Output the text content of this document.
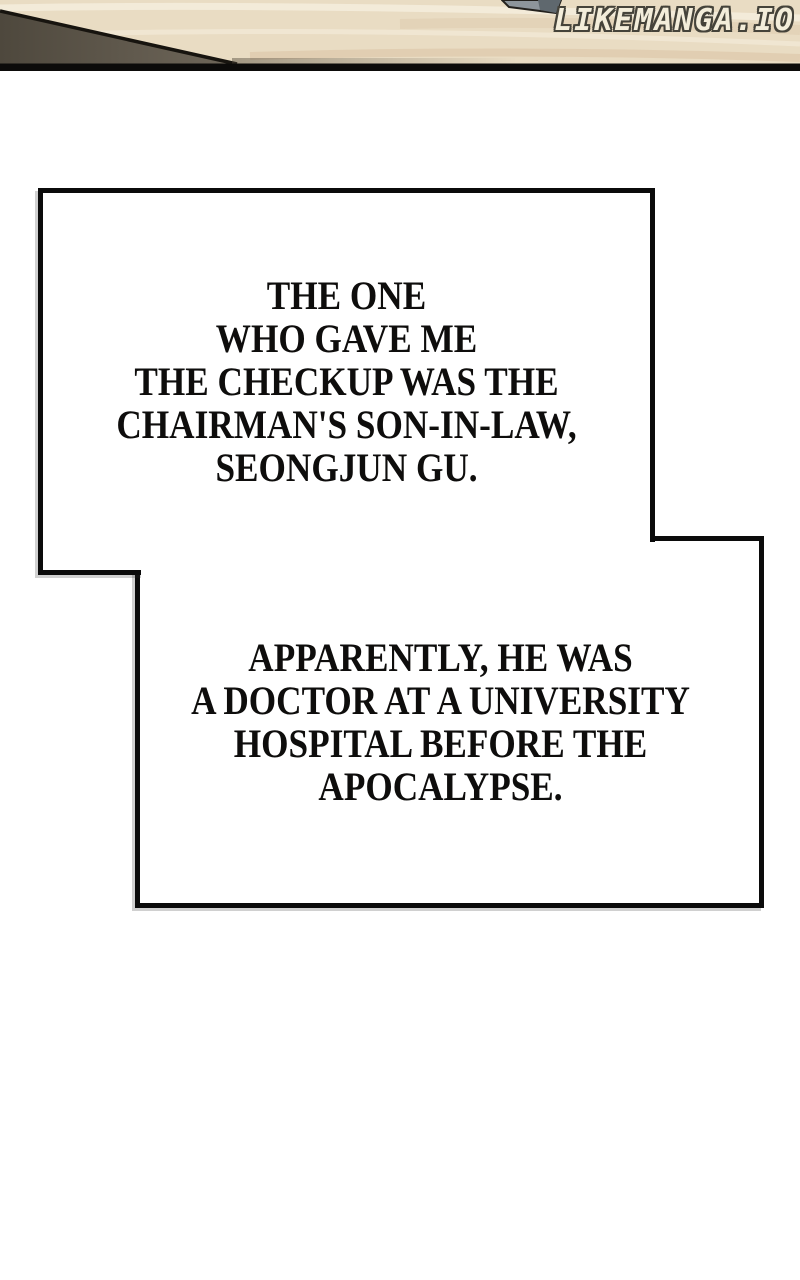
LIKEMANGA.IO
THE ONE
WHO GAVE ME
THE CHECKUP WAS THE
CHAIRMAN'S SON-IN-LAW,
SEONGJUN GU.
APPARENTLY, HE WAS
A DOCTOR AT A UNIVERSITY
HOSPITAL BEFORE THE
APOCALYPSE.
